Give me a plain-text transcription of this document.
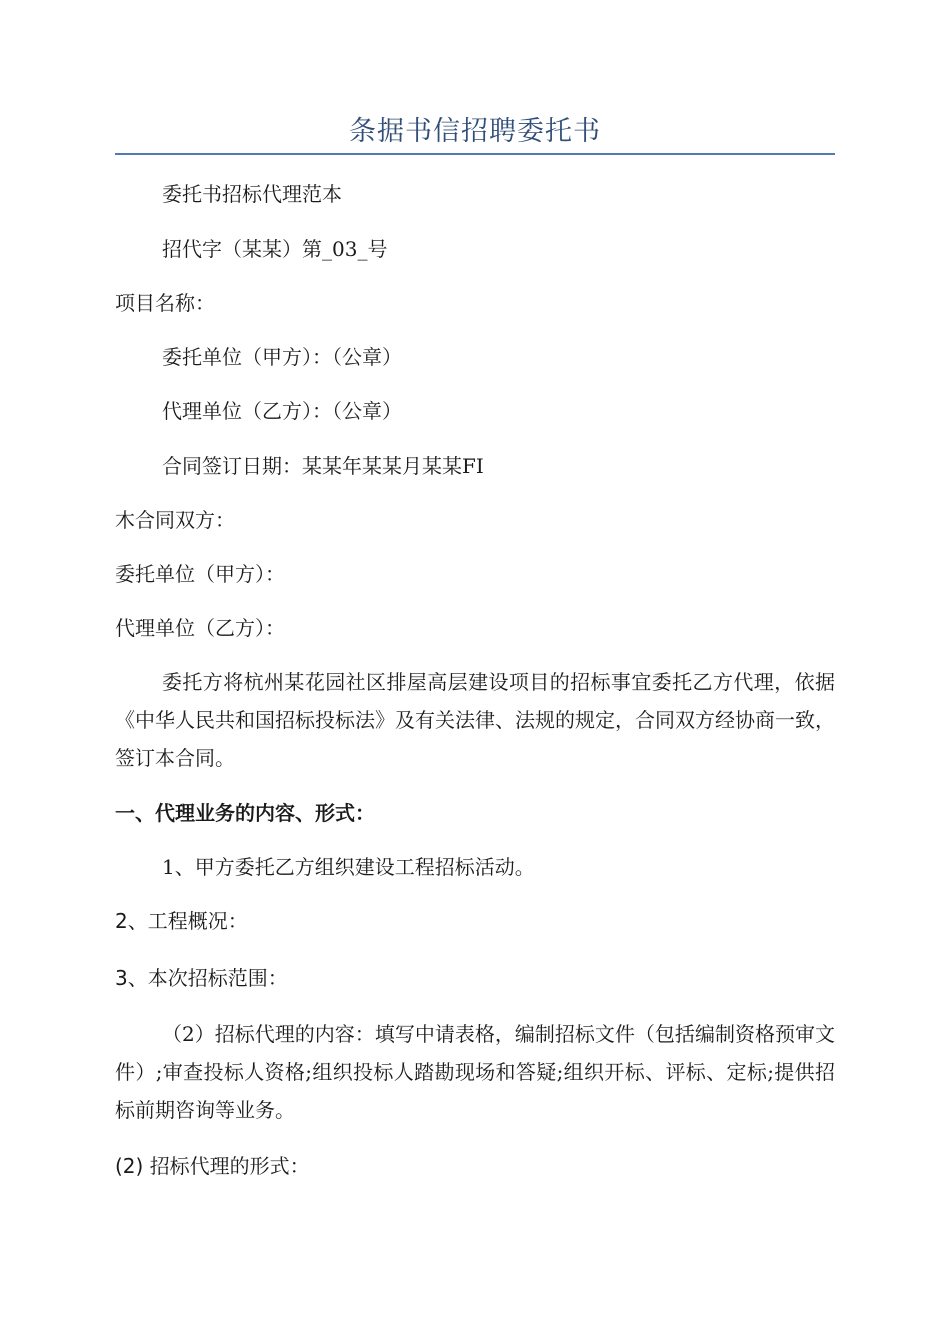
条据书信招聘委托书
委托书招标代理范本
招代字（某某）第_03_号
项目名称：
委托单位（甲方）：（公章）
代理单位（乙方）：（公章）
合同签订日期：某某年某某月某某FI
木合同双方：
委托单位（甲方）：
代理单位（乙方）：
委托方将杭州某花园社区排屋高层建设项目的招标事宜委托乙方代理，依据《中华人民共和国招标投标法》及有关法律、法规的规定，合同双方经协商一致，签订本合同。
一、代理业务的内容、形式：
1、甲方委托乙方组织建设工程招标活动。
2、工程概况：
3、本次招标范围：
（2）招标代理的内容：填写中请表格，编制招标文件（包括编制资格预审文件）;审查投标人资格;组织投标人踏勘现场和答疑;组织开标、评标、定标;提供招标前期咨询等业务。
(2) 招标代理的形式：
